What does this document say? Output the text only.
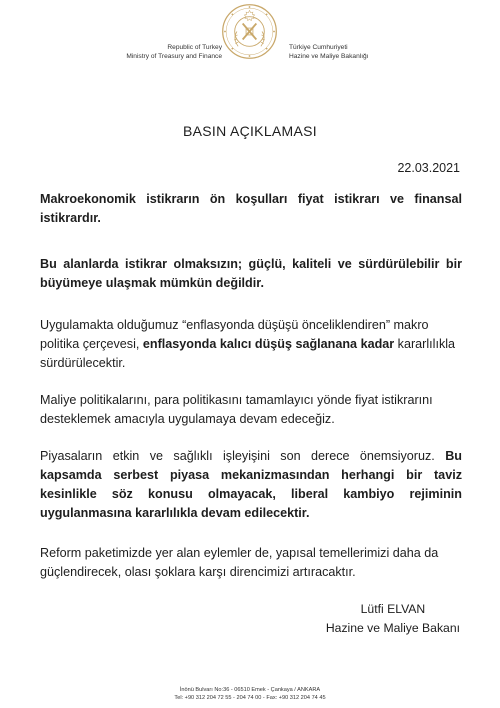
Republic of Turkey
Ministry of Treasury and Finance
Türkiye Cumhuriyeti
Hazine ve Maliye Bakanlığı
BASIN AÇIKLAMASI
22.03.2021

Makroekonomik istikrarın ön koşulları fiyat istikrarı ve finansal istikrardır.

Bu alanlarda istikrar olmaksızın; güçlü, kaliteli ve sürdürülebilir bir büyümeye ulaşmak mümkün değildir.

Uygulamakta olduğumuz “enflasyonda düşüşü önceliklendiren” makro politika çerçevesi, enflasyonda kalıcı düşüş sağlanana kadar kararlılıkla sürdürülecektir.

Maliye politikalarını, para politikasını tamamlayıcı yönde fiyat istikrarını desteklemek amacıyla uygulamaya devam edeceğiz.

Piyasaların etkin ve sağlıklı işleyişini son derece önemsiyoruz. Bu kapsamda serbest piyasa mekanizmasından herhangi bir taviz kesinlikle söz konusu olmayacak, liberal kambiyo rejiminin uygulanmasına kararlılıkla devam edilecektir.

Reform paketimizde yer alan eylemler de, yapısal temellerimizi daha da güçlendirecek, olası şoklara karşı direncimizi artıracaktır.

Lütfi ELVAN
Hazine ve Maliye Bakanı
İnönü Bulvarı No:36 - 06510 Emek - Çankaya / ANKARA
Tel: +90 312 204 72 55 - 204 74 00 - Fax: +90 312 204 74 45
